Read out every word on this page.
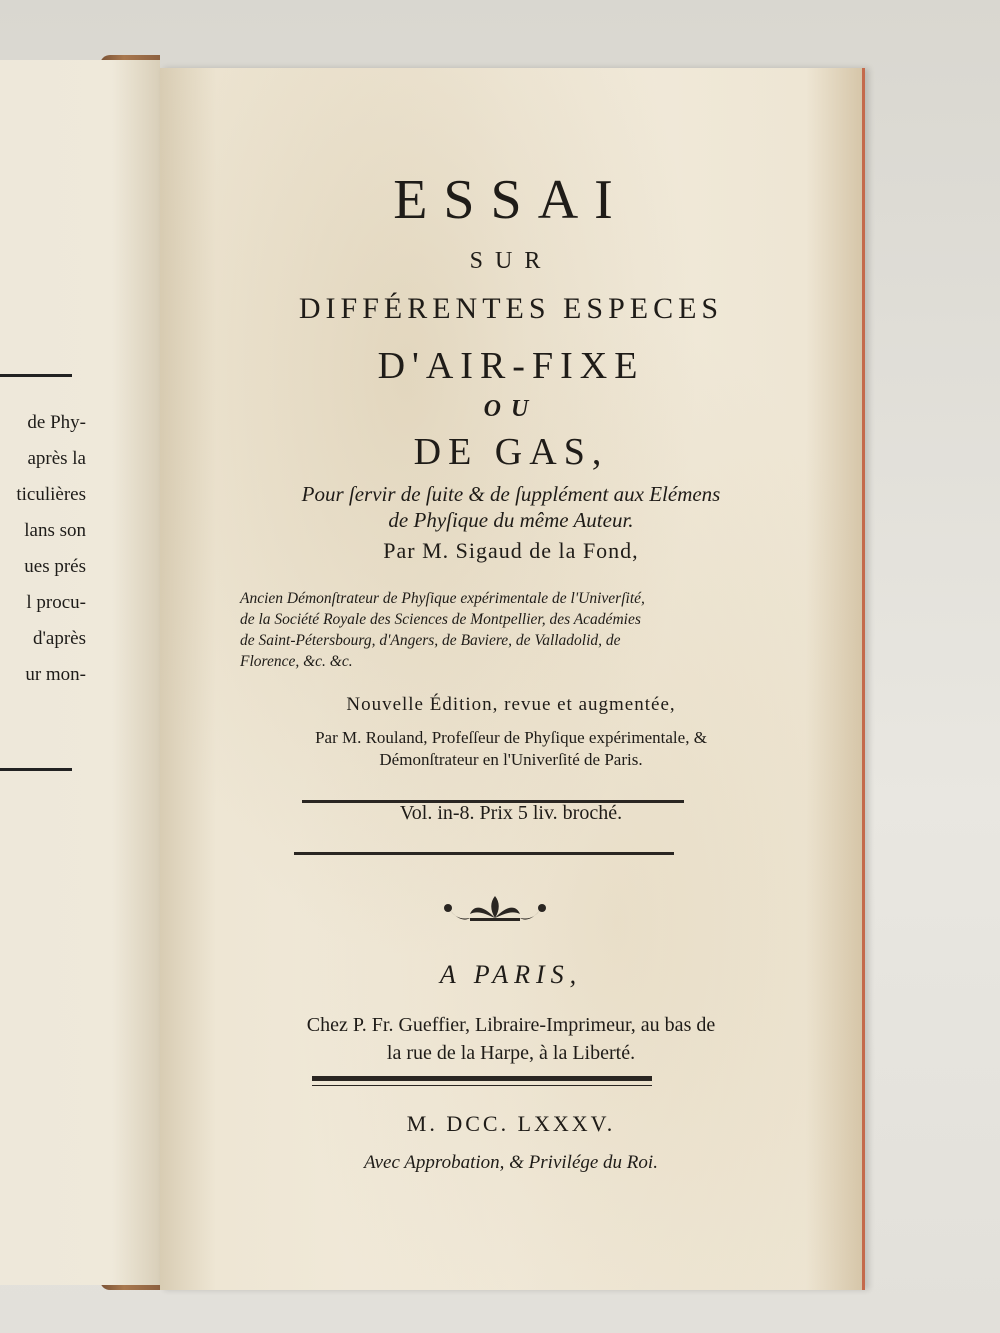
de Phy-
après la
ticulières
lans son
ues prés
l procu-
d'après
ur mon-
ESSAI
SUR
DIFFÉRENTES ESPECES
D'AIR-FIXE
OU
DE GAS,
Pour ſervir de ſuite & de ſupplément aux Elémens
de Phyſique du même Auteur.
Par M. Sigaud de la Fond,
Ancien Démonſtrateur de Phyſique expérimentale de l'Univerſité,
de la Société Royale des Sciences de Montpellier, des Académies
de Saint-Pétersbourg, d'Angers, de Baviere, de Valladolid, de
Florence, &c. &c.
Nouvelle Édition, revue et augmentée,
Par M. Rouland, Profeſſeur de Phyſique expérimentale, &
Démonſtrateur en l'Univerſité de Paris.
Vol. in-8. Prix 5 liv. broché.
A PARIS,
Chez P. Fr. Gueffier, Libraire-Imprimeur, au bas de
la rue de la Harpe, à la Liberté.
M. DCC. LXXXV.
Avec Approbation, & Privilége du Roi.
